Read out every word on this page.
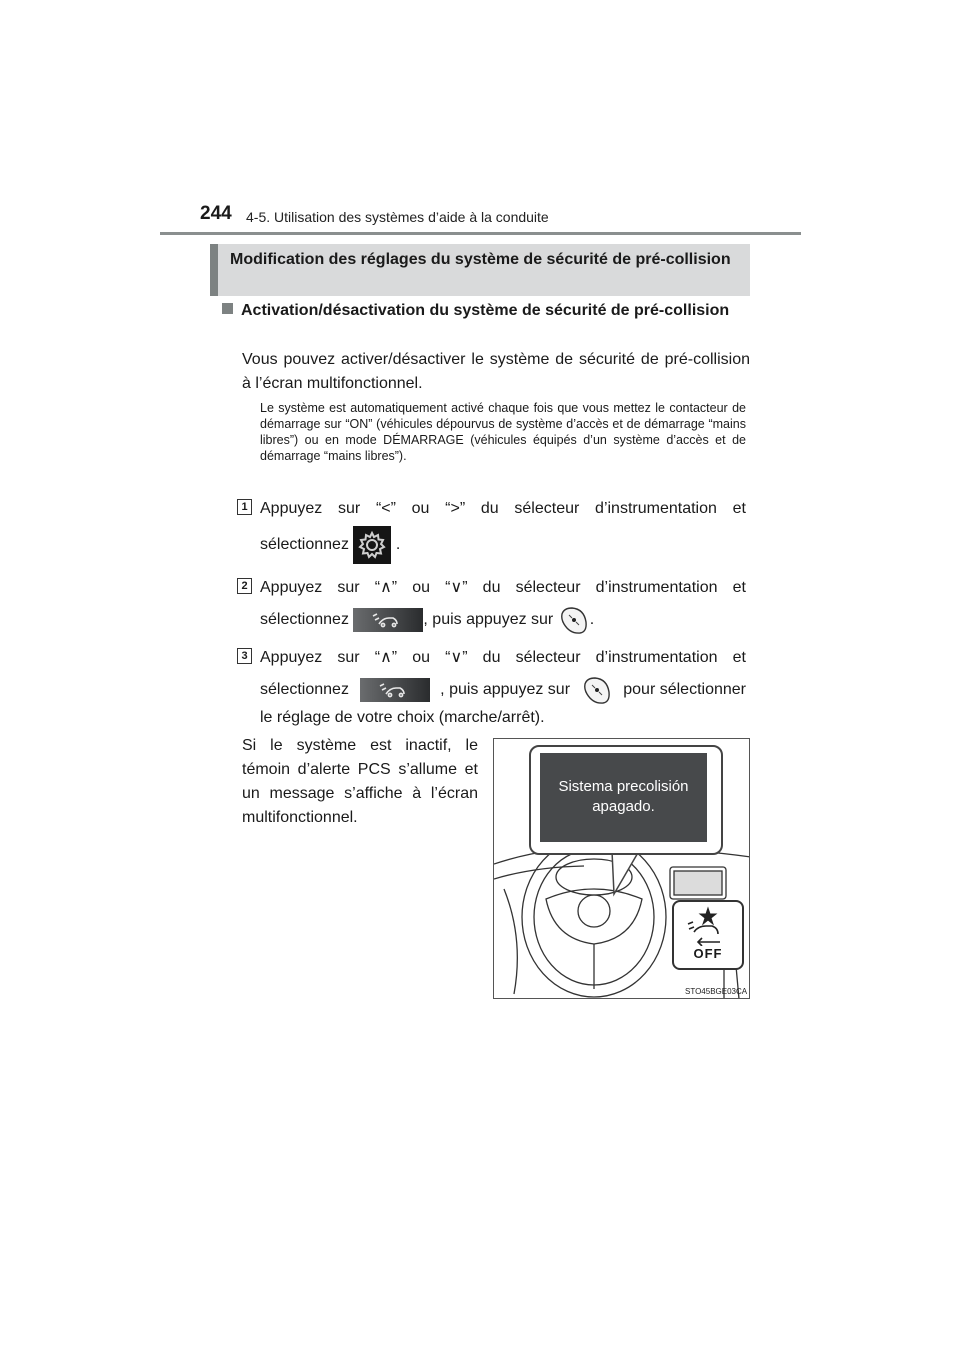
244 4-5. Utilisation des systèmes d’aide à la conduite
Modification des réglages du système de sécurité de pré-collision
Activation/désactivation du système de sécurité de pré-collision
Vous pouvez activer/désactiver le système de sécurité de pré-collision à l’écran multifonctionnel.
Le système est automatiquement activé chaque fois que vous mettez le contacteur de démarrage sur “ON” (véhicules dépourvus de système d’accès et de démarrage “mains libres”) ou en mode DÉMARRAGE (véhicules équipés d’un système d’accès et de démarrage “mains libres”).
1 Appuyez sur “<” ou “>” du sélecteur d’instrumentation et
sélectionnez	.
2 Appuyez sur “∧” ou “∨” du sélecteur d’instrumentation et
sélectionnez	, puis appuyez sur .
3 Appuyez sur “∧” ou “∨” du sélecteur d’instrumentation et
sélectionnez	, puis appuyez sur	pour sélectionner
le réglage de votre choix (marche/arrêt).
Si le système est inactif, le témoin d’alerte PCS s’allume et un message s’affiche à l’écran multifonctionnel.
Sistema precolisión
apagado.
OFF
STO45BGE03CA
